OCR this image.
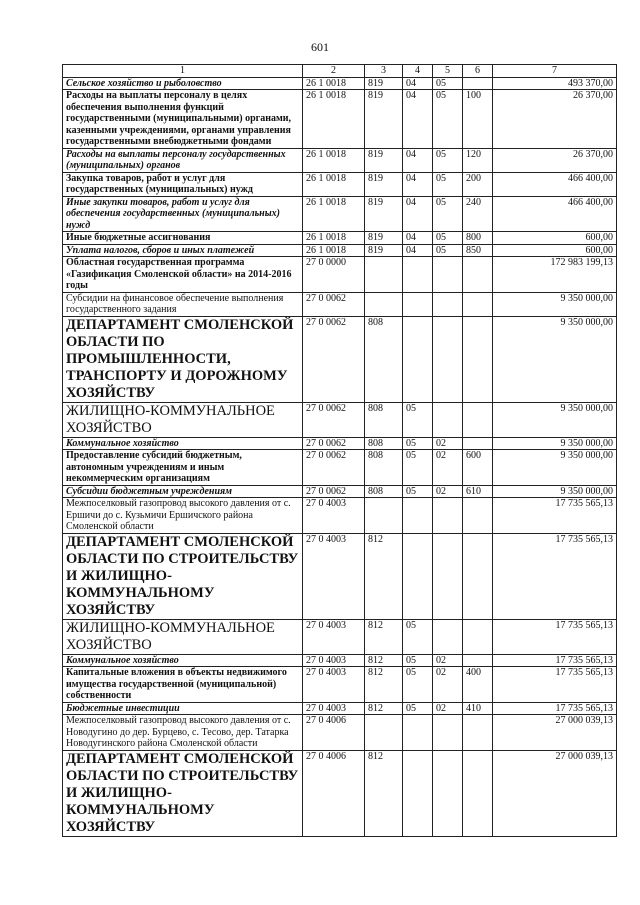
601
1	2	3	4	5	6	7
Сельское хозяйство и рыболовство	26 1 0018	819	04	05		493 370,00
Расходы на выплаты персоналу в целях обеспечения выполнения функций государственными (муниципальными) органами, казенными учреждениями, органами управления государственными внебюджетными фондами	26 1 0018	819	04	05	100	26 370,00
Расходы на выплаты персоналу государственных (муниципальных) органов	26 1 0018	819	04	05	120	26 370,00
Закупка товаров, работ и услуг для государственных (муниципальных) нужд	26 1 0018	819	04	05	200	466 400,00
Иные закупки товаров, работ и услуг для обеспечения государственных (муниципальных) нужд	26 1 0018	819	04	05	240	466 400,00
Иные бюджетные ассигнования	26 1 0018	819	04	05	800	600,00
Уплата налогов, сборов и иных платежей	26 1 0018	819	04	05	850	600,00
Областная государственная программа «Газификация Смоленской области» на 2014-2016 годы	27 0 0000					172 983 199,13
Субсидии на финансовое обеспечение выполнения государственного задания	27 0 0062					9 350 000,00
ДЕПАРТАМЕНТ СМОЛЕНСКОЙ ОБЛАСТИ ПО ПРОМЫШЛЕННОСТИ, ТРАНСПОРТУ И ДОРОЖНОМУ ХОЗЯЙСТВУ	27 0 0062	808				9 350 000,00
ЖИЛИЩНО-КОММУНАЛЬНОЕ ХОЗЯЙСТВО	27 0 0062	808	05			9 350 000,00
Коммунальное хозяйство	27 0 0062	808	05	02		9 350 000,00
Предоставление субсидий бюджетным, автономным учреждениям и иным некоммерческим организациям	27 0 0062	808	05	02	600	9 350 000,00
Субсидии бюджетным учреждениям	27 0 0062	808	05	02	610	9 350 000,00
Межпоселковый газопровод высокого давления от с. Ершичи до с. Кузьмичи Ершичского района Смоленской области	27 0 4003					17 735 565,13
ДЕПАРТАМЕНТ СМОЛЕНСКОЙ ОБЛАСТИ ПО СТРОИТЕЛЬСТВУ И ЖИЛИЩНО-КОММУНАЛЬНОМУ ХОЗЯЙСТВУ	27 0 4003	812				17 735 565,13
ЖИЛИЩНО-КОММУНАЛЬНОЕ ХОЗЯЙСТВО	27 0 4003	812	05			17 735 565,13
Коммунальное хозяйство	27 0 4003	812	05	02		17 735 565,13
Капитальные вложения в объекты недвижимого имущества государственной (муниципальной) собственности	27 0 4003	812	05	02	400	17 735 565,13
Бюджетные инвестиции	27 0 4003	812	05	02	410	17 735 565,13
Межпоселковый газопровод высокого давления от с. Новодугино до дер. Бурцево, с. Тесово, дер. Татарка Новодугинского района Смоленской области	27 0 4006					27 000 039,13
ДЕПАРТАМЕНТ СМОЛЕНСКОЙ ОБЛАСТИ ПО СТРОИТЕЛЬСТВУ И ЖИЛИЩНО-КОММУНАЛЬНОМУ ХОЗЯЙСТВУ	27 0 4006	812				27 000 039,13
